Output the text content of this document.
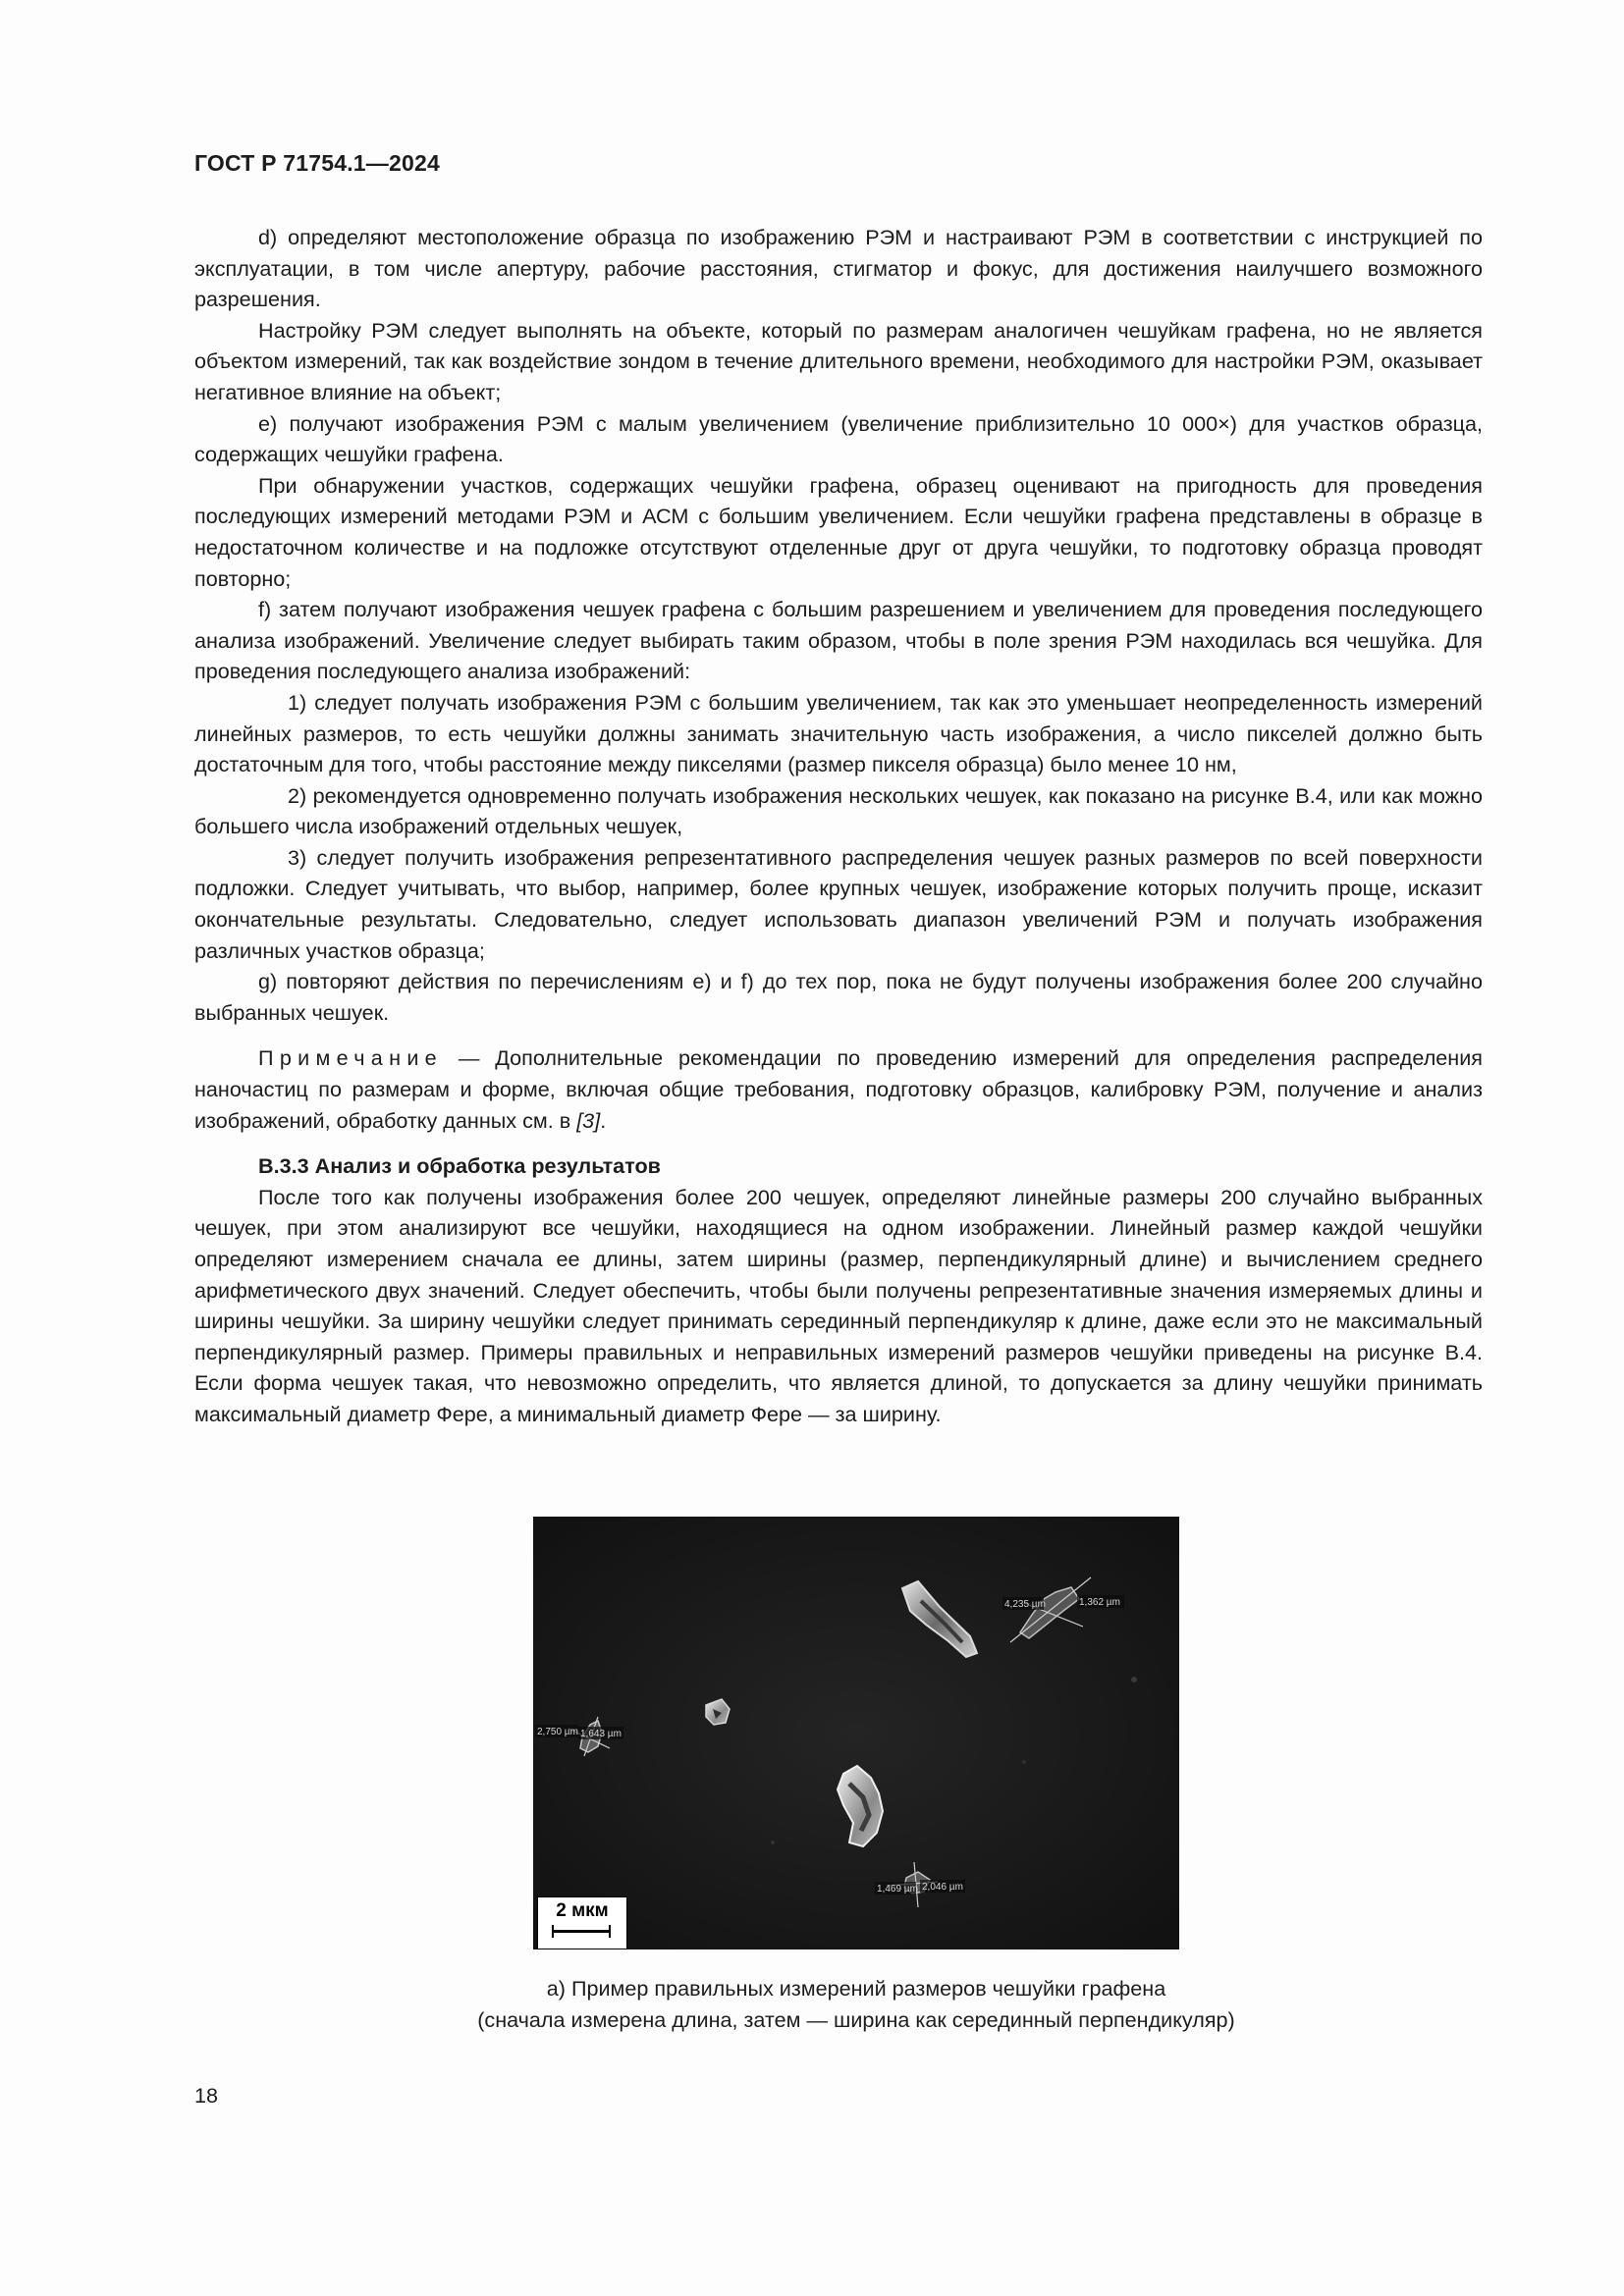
ГОСТ Р 71754.1—2024

d) определяют местоположение образца по изображению РЭМ и настраивают РЭМ в соответствии с инструкцией по эксплуатации, в том числе апертуру, рабочие расстояния, стигматор и фокус, для достижения наилучшего возможного разрешения.

Настройку РЭМ следует выполнять на объекте, который по размерам аналогичен чешуйкам графена, но не является объектом измерений, так как воздействие зондом в течение длительного времени, необходимого для настройки РЭМ, оказывает негативное влияние на объект;

е) получают изображения РЭМ с малым увеличением (увеличение приблизительно 10 000×) для участков образца, содержащих чешуйки графена.

При обнаружении участков, содержащих чешуйки графена, образец оценивают на пригодность для проведения последующих измерений методами РЭМ и АСМ с большим увеличением. Если чешуйки графена представлены в образце в недостаточном количестве и на подложке отсутствуют отделенные друг от друга чешуйки, то подготовку образца проводят повторно;

f) затем получают изображения чешуек графена с большим разрешением и увеличением для проведения последующего анализа изображений. Увеличение следует выбирать таким образом, чтобы в поле зрения РЭМ находилась вся чешуйка. Для проведения последующего анализа изображений:

1) следует получать изображения РЭМ с большим увеличением, так как это уменьшает неопределенность измерений линейных размеров, то есть чешуйки должны занимать значительную часть изображения, а число пикселей должно быть достаточным для того, чтобы расстояние между пикселями (размер пикселя образца) было менее 10 нм,

2) рекомендуется одновременно получать изображения нескольких чешуек, как показано на рисунке В.4, или как можно большего числа изображений отдельных чешуек,

3) следует получить изображения репрезентативного распределения чешуек разных размеров по всей поверхности подложки. Следует учитывать, что выбор, например, более крупных чешуек, изображение которых получить проще, исказит окончательные результаты. Следовательно, следует использовать диапазон увеличений РЭМ и получать изображения различных участков образца;

g) повторяют действия по перечислениям е) и f) до тех пор, пока не будут получены изображения более 200 случайно выбранных чешуек.

Примечание — Дополнительные рекомендации по проведению измерений для определения распределения наночастиц по размерам и форме, включая общие требования, подготовку образцов, калибровку РЭМ, получение и анализ изображений, обработку данных см. в [3].

В.3.3 Анализ и обработка результатов

После того как получены изображения более 200 чешуек, определяют линейные размеры 200 случайно выбранных чешуек, при этом анализируют все чешуйки, находящиеся на одном изображении. Линейный размер каждой чешуйки определяют измерением сначала ее длины, затем ширины (размер, перпендикулярный длине) и вычислением среднего арифметического двух значений. Следует обеспечить, чтобы были получены репрезентативные значения измеряемых длины и ширины чешуйки. За ширину чешуйки следует принимать серединный перпендикуляр к длине, даже если это не максимальный перпендикулярный размер. Примеры правильных и неправильных измерений размеров чешуйки приведены на рисунке В.4. Если форма чешуек такая, что невозможно определить, что является длиной, то допускается за длину чешуйки принимать максимальный диаметр Фере, а минимальный диаметр Фере — за ширину.

4,235 µm	1,362 µm
2,750 µm 1,643 µm
1,469 µm 2,046 µm
2 мкм
а) Пример правильных измерений размеров чешуйки графена
(сначала измерена длина, затем — ширина как серединный перпендикуляр)
18
